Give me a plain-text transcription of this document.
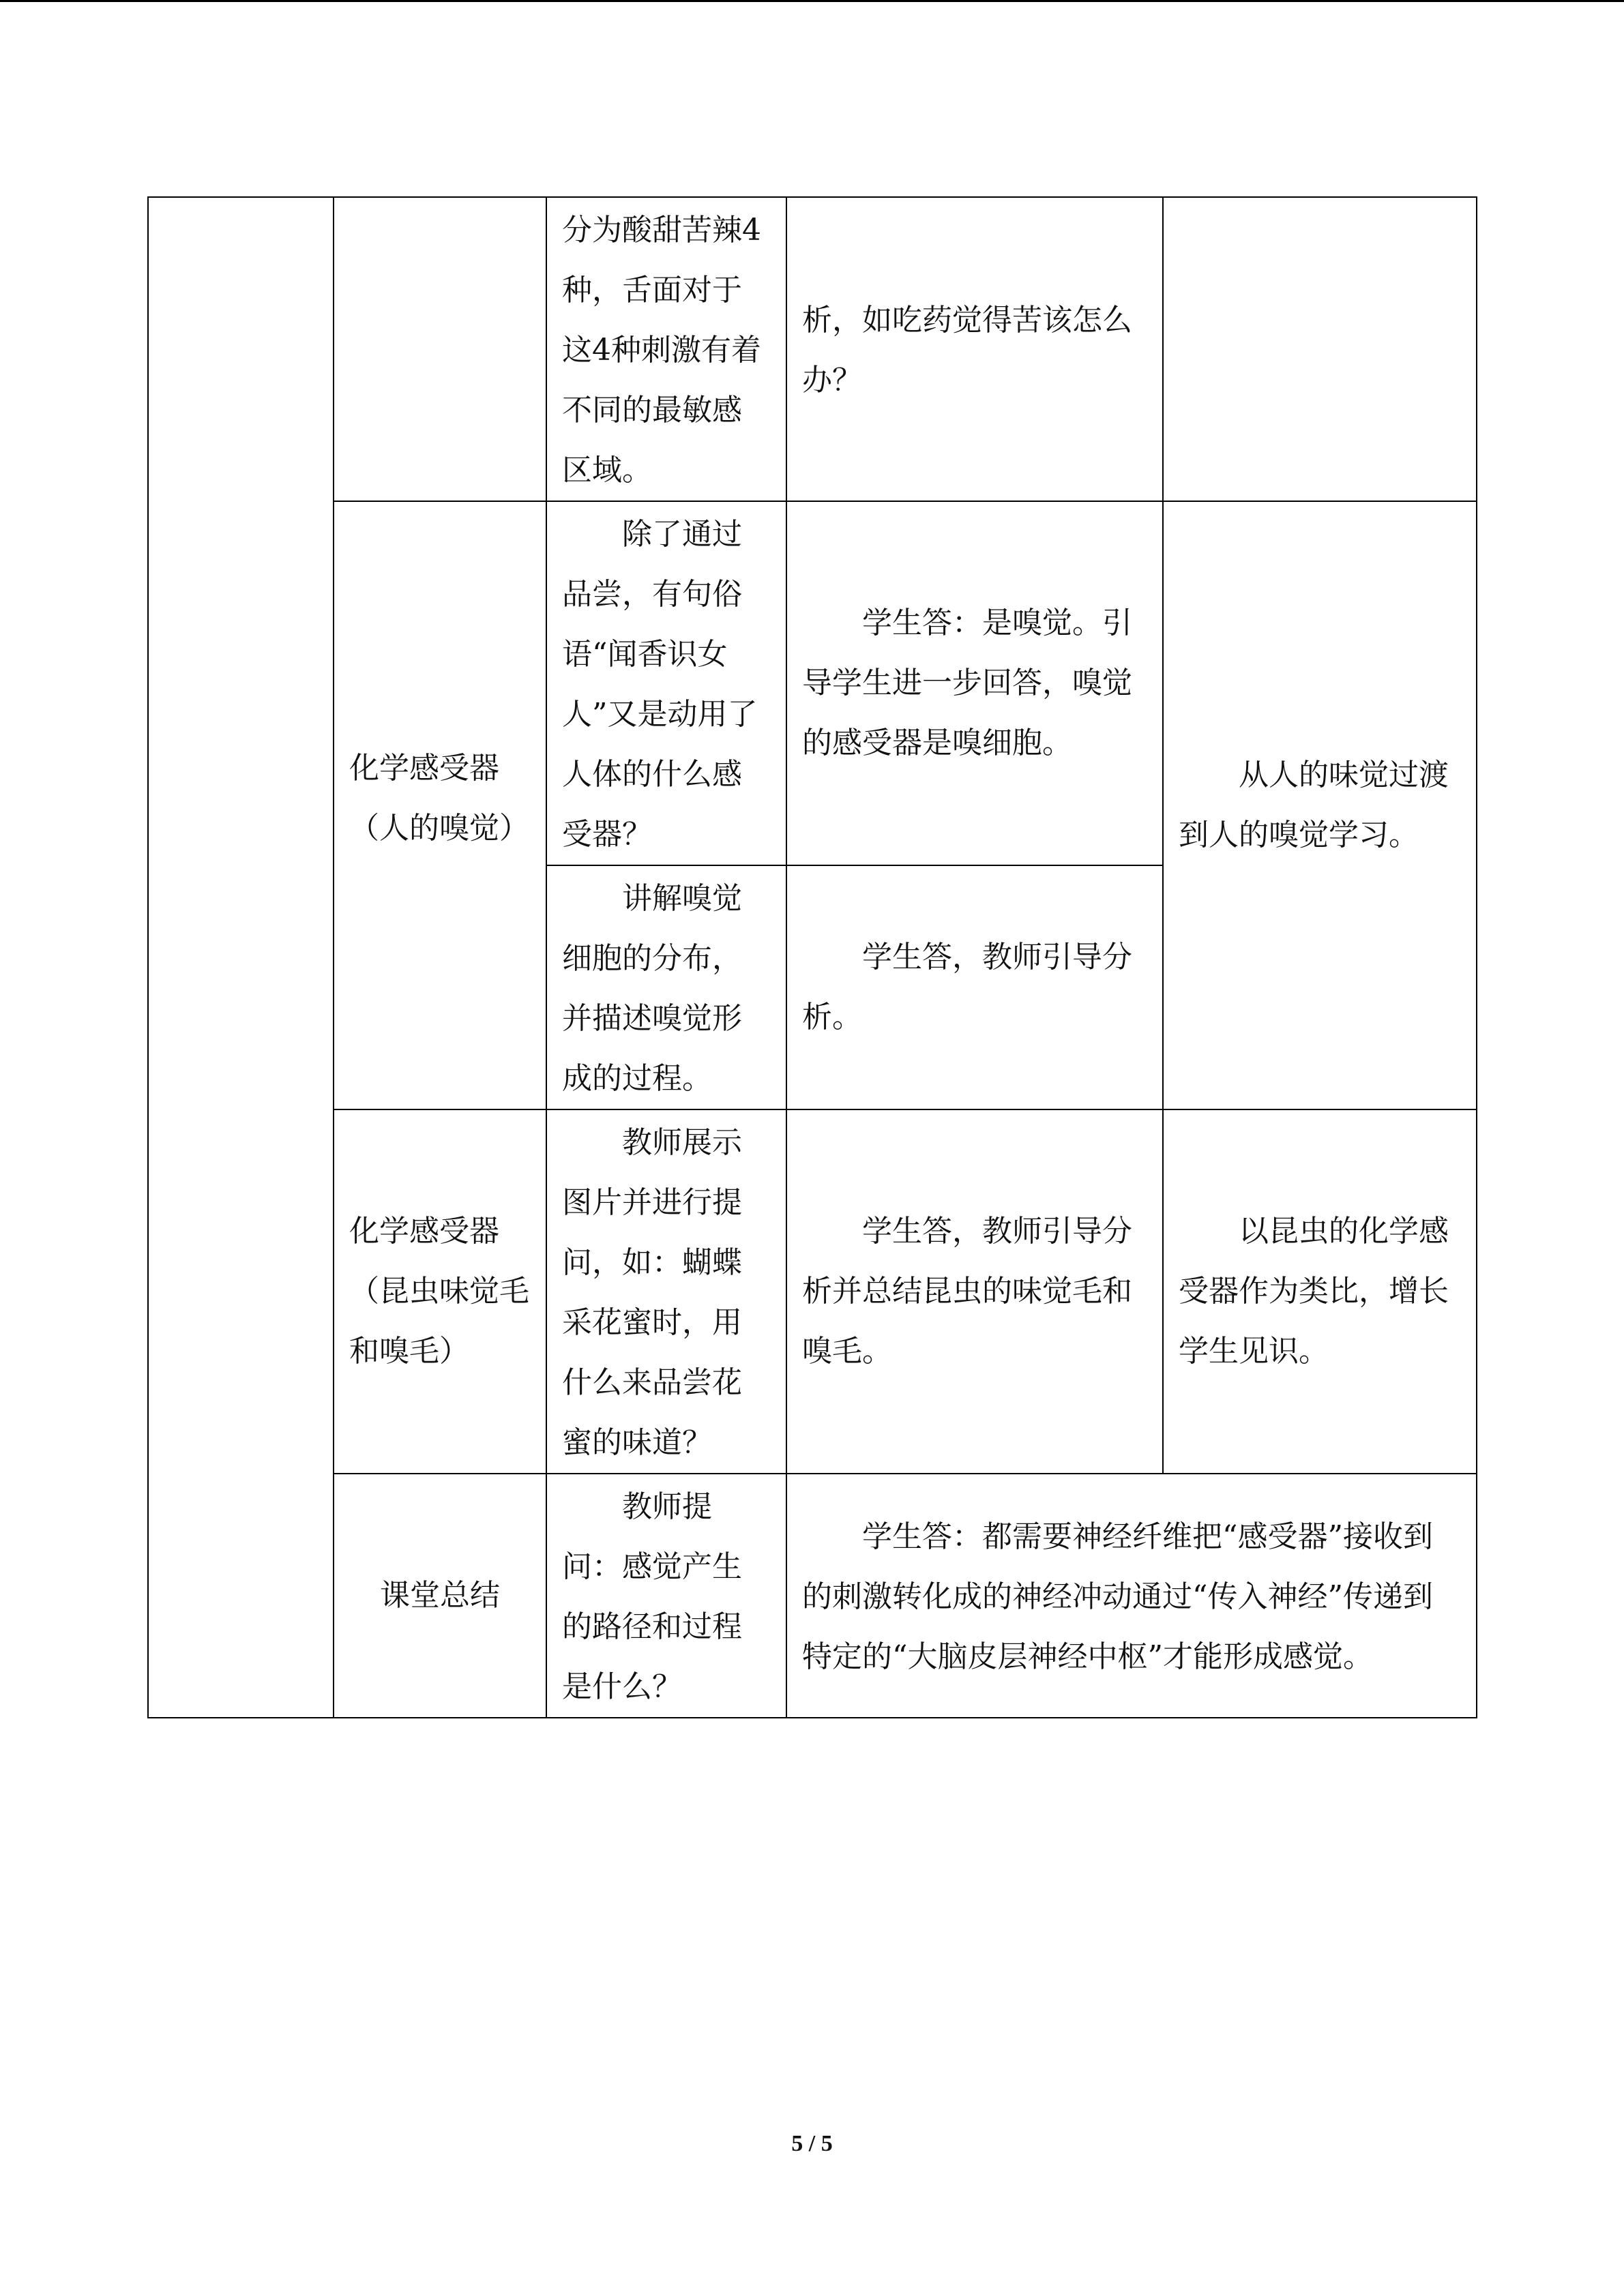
		分为酸甜苦辣4种，舌面对于这4种刺激有着不同的最敏感区域。	析，如吃药觉得苦该怎么办？	
	化学感受器（人的嗅觉）	除了通过品尝，有句俗语“闻香识女人”又是动用了人体的什么感受器？	学生答：是嗅觉。引导学生进一步回答，嗅觉的感受器是嗅细胞。	从人的味觉过渡到人的嗅觉学习。

		讲解嗅觉细胞的分布，并描述嗅觉形成的过程。	学生答，教师引导分析。	

	化学感受器（昆虫味觉毛和嗅毛）	教师展示图片并进行提问，如：蝴蝶采花蜜时，用什么来品尝花蜜的味道？	学生答，教师引导分析并总结昆虫的味觉毛和嗅毛。	以昆虫的化学感受器作为类比，增长学生见识。

	课堂总结	教师提问：感觉产生的路径和过程是什么？	学生答：都需要神经纤维把“感受器”接收到的刺激转化成的神经冲动通过“传入神经”传递到特定的“大脑皮层神经中枢”才能形成感觉。	
5 / 5
